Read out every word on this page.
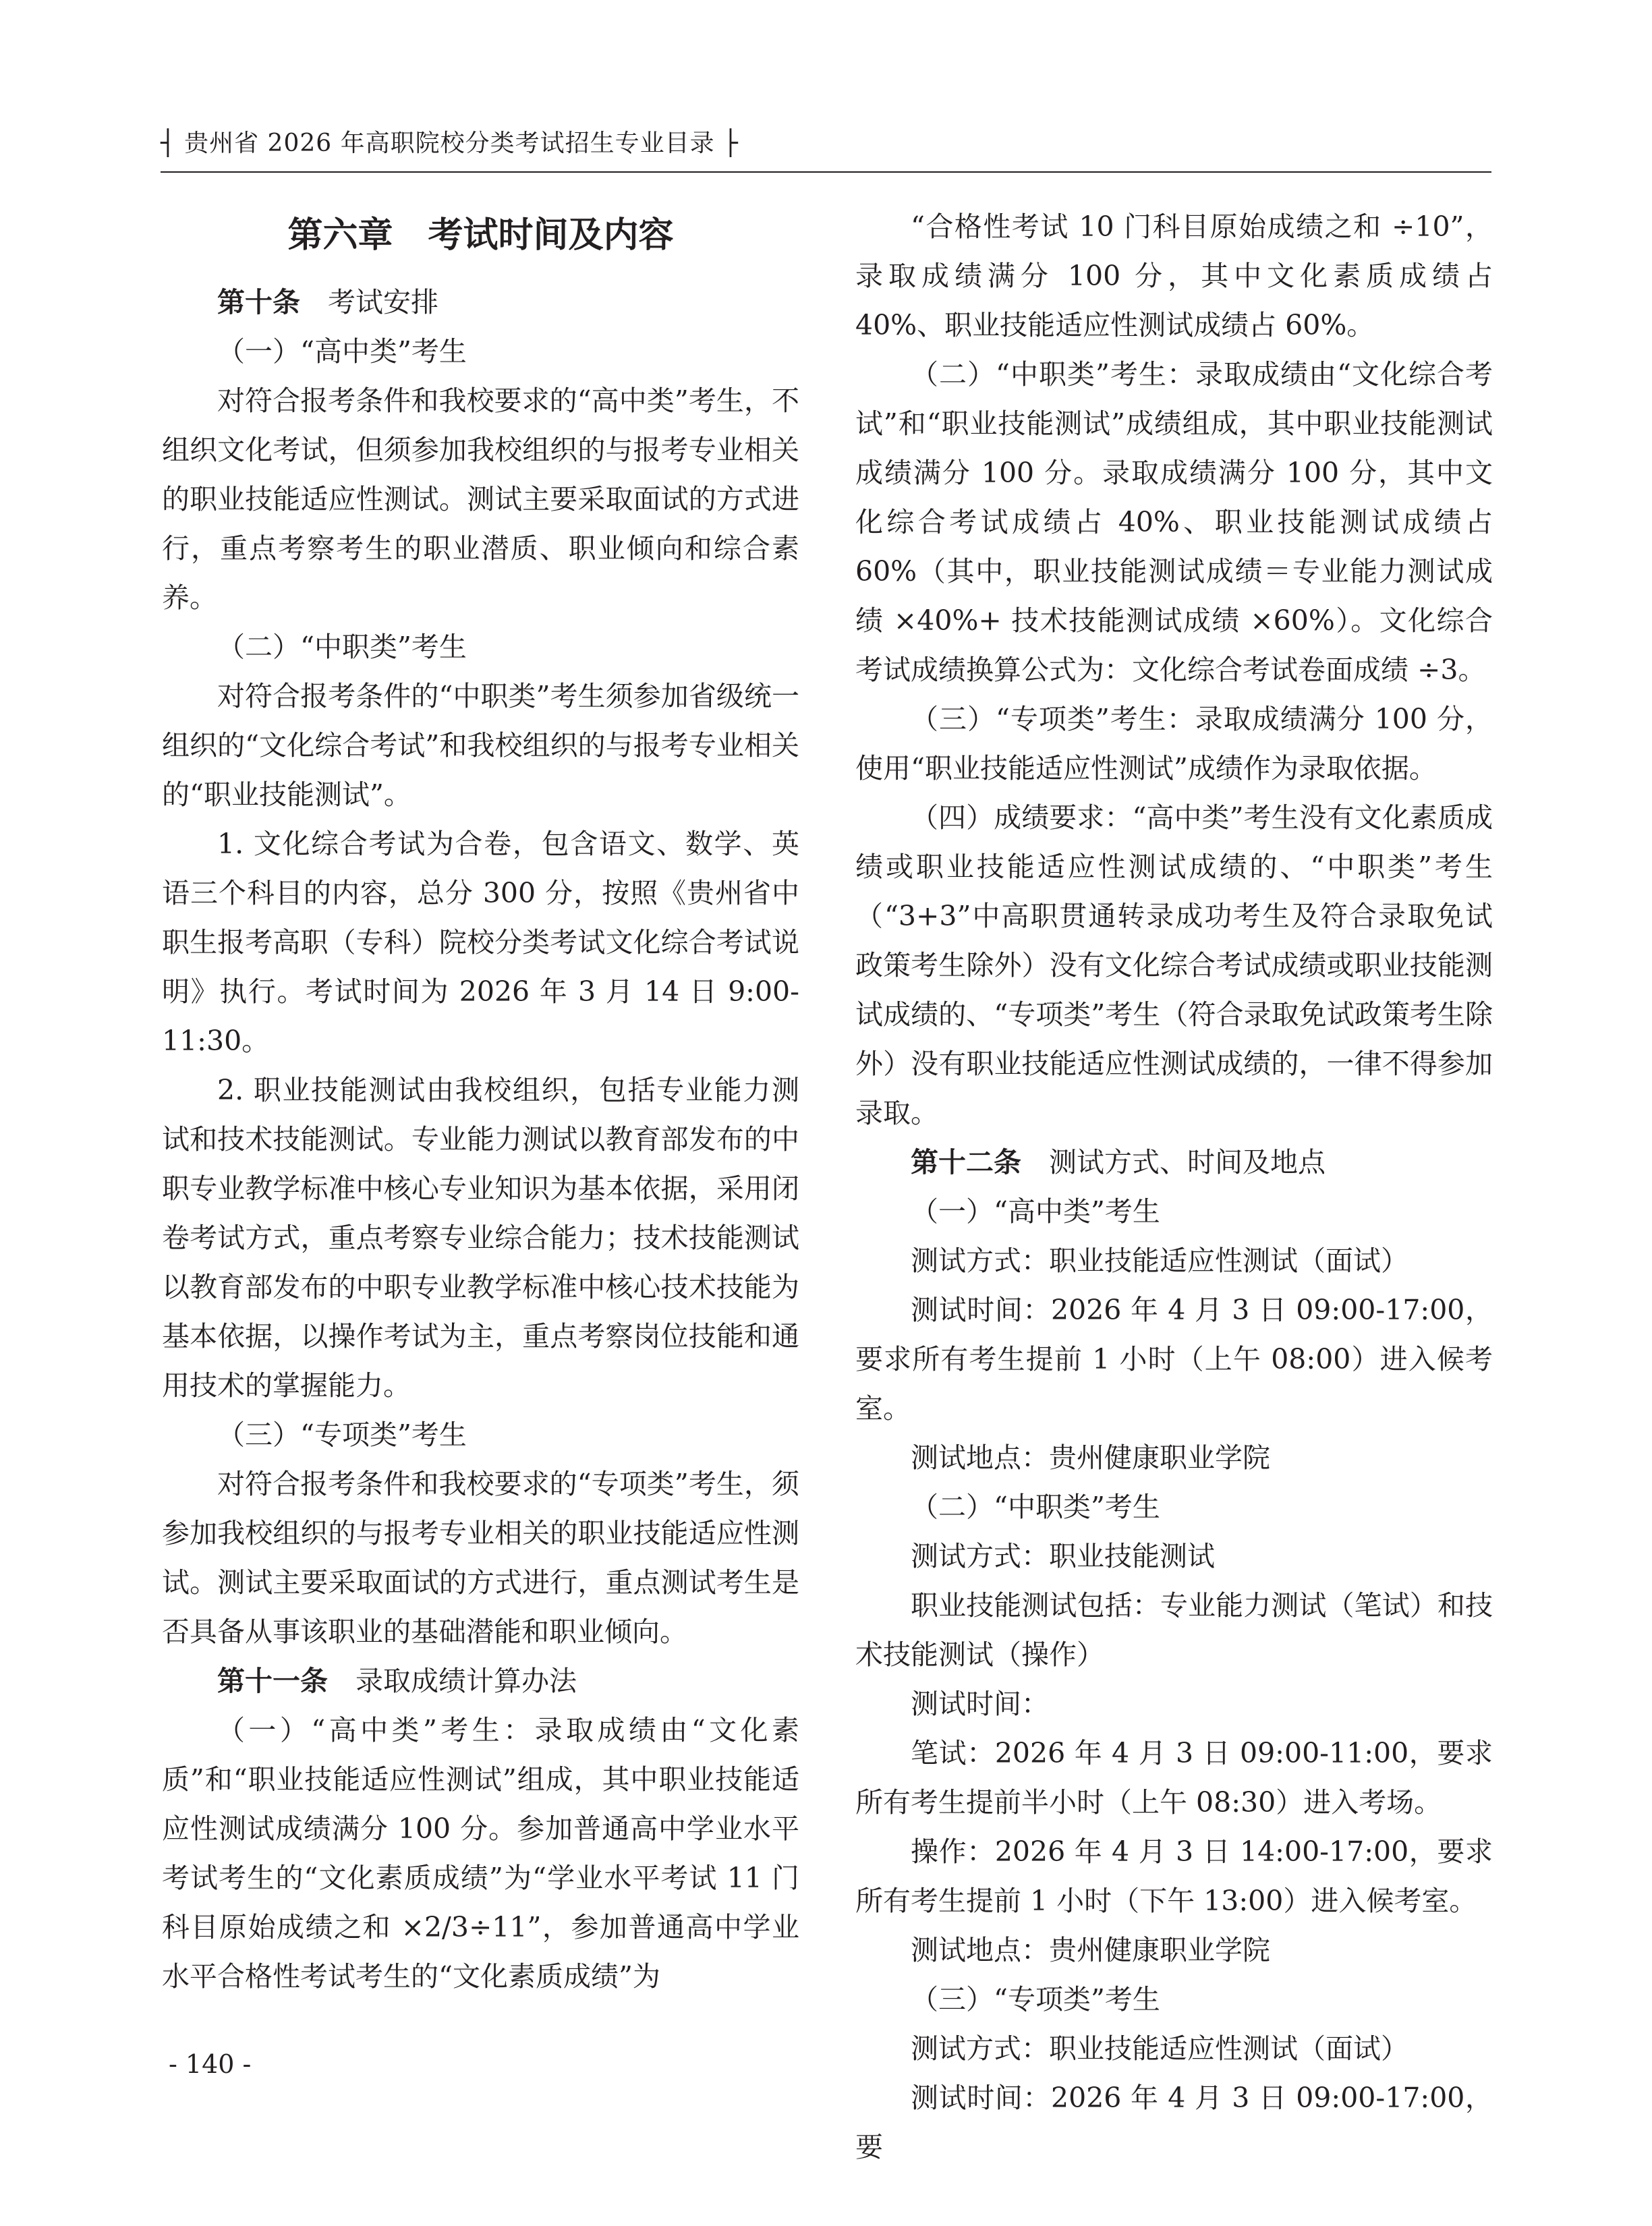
┤ 贵州省 2026 年高职院校分类考试招生专业目录 ├

第六章　考试时间及内容

第十条　 考试安排

（一）“高中类”考生

对符合报考条件和我校要求的“高中类”考生，不组织文化考试，但须参加我校组织的与报考专业相关的职业技能适应性测试。测试主要采取面试的方式进行，重点考察考生的职业潜质、职业倾向和综合素养。

（二）“中职类”考生

对符合报考条件的“中职类”考生须参加省级统一组织的“文化综合考试”和我校组织的与报考专业相关的“职业技能测试”。

1. 文化综合考试为合卷，包含语文、数学、英语三个科目的内容，总分 300 分，按照《贵州省中职生报考高职（专科）院校分类考试文化综合考试说明》执行。考试时间为 2026 年 3 月 14 日 9:00-11:30。

2. 职业技能测试由我校组织，包括专业能力测试和技术技能测试。专业能力测试以教育部发布的中职专业教学标准中核心专业知识为基本依据，采用闭卷考试方式，重点考察专业综合能力；技术技能测试以教育部发布的中职专业教学标准中核心技术技能为基本依据，以操作考试为主，重点考察岗位技能和通用技术的掌握能力。

（三）“专项类”考生

对符合报考条件和我校要求的“专项类”考生，须参加我校组织的与报考专业相关的职业技能适应性测试。测试主要采取面试的方式进行，重点测试考生是否具备从事该职业的基础潜能和职业倾向。

第十一条　 录取成绩计算办法

（一）“高中类”考生：录取成绩由“文化素质”和“职业技能适应性测试”组成，其中职业技能适应性测试成绩满分 100 分。参加普通高中学业水平考试考生的“文化素质成绩”为“学业水平考试 11 门科目原始成绩之和 ×2/3÷11”，参加普通高中学业水平合格性考试考生的“文化素质成绩”为

“合格性考试 10 门科目原始成绩之和 ÷10”，录取成绩满分 100 分，其中文化素质成绩占 40%、职业技能适应性测试成绩占 60%。

（二）“中职类”考生：录取成绩由“文化综合考试”和“职业技能测试”成绩组成，其中职业技能测试成绩满分 100 分。录取成绩满分 100 分，其中文化综合考试成绩占 40%、职业技能测试成绩占 60%（其中，职业技能测试成绩＝专业能力测试成绩 ×40%+ 技术技能测试成绩 ×60%）。文化综合考试成绩换算公式为：文化综合考试卷面成绩 ÷3。

（三）“专项类”考生：录取成绩满分 100 分，使用“职业技能适应性测试”成绩作为录取依据。

（四）成绩要求：“高中类”考生没有文化素质成绩或职业技能适应性测试成绩的、“中职类”考生（“3+3”中高职贯通转录成功考生及符合录取免试政策考生除外）没有文化综合考试成绩或职业技能测试成绩的、“专项类”考生（符合录取免试政策考生除外）没有职业技能适应性测试成绩的，一律不得参加录取。

第十二条　 测试方式、时间及地点

（一）“高中类”考生

测试方式：职业技能适应性测试（面试）

测试时间：2026 年 4 月 3 日 09:00-17:00，要求所有考生提前 1 小时（上午 08:00）进入候考室。

测试地点：贵州健康职业学院

（二）“中职类”考生

测试方式：职业技能测试

职业技能测试包括：专业能力测试（笔试）和技术技能测试（操作）

测试时间：

笔试：2026 年 4 月 3 日 09:00-11:00，要求所有考生提前半小时（上午 08:30）进入考场。

操作：2026 年 4 月 3 日 14:00-17:00，要求所有考生提前 1 小时（下午 13:00）进入候考室。

测试地点：贵州健康职业学院

（三）“专项类”考生

测试方式：职业技能适应性测试（面试）

测试时间：2026 年 4 月 3 日 09:00-17:00，要

- 140 -
